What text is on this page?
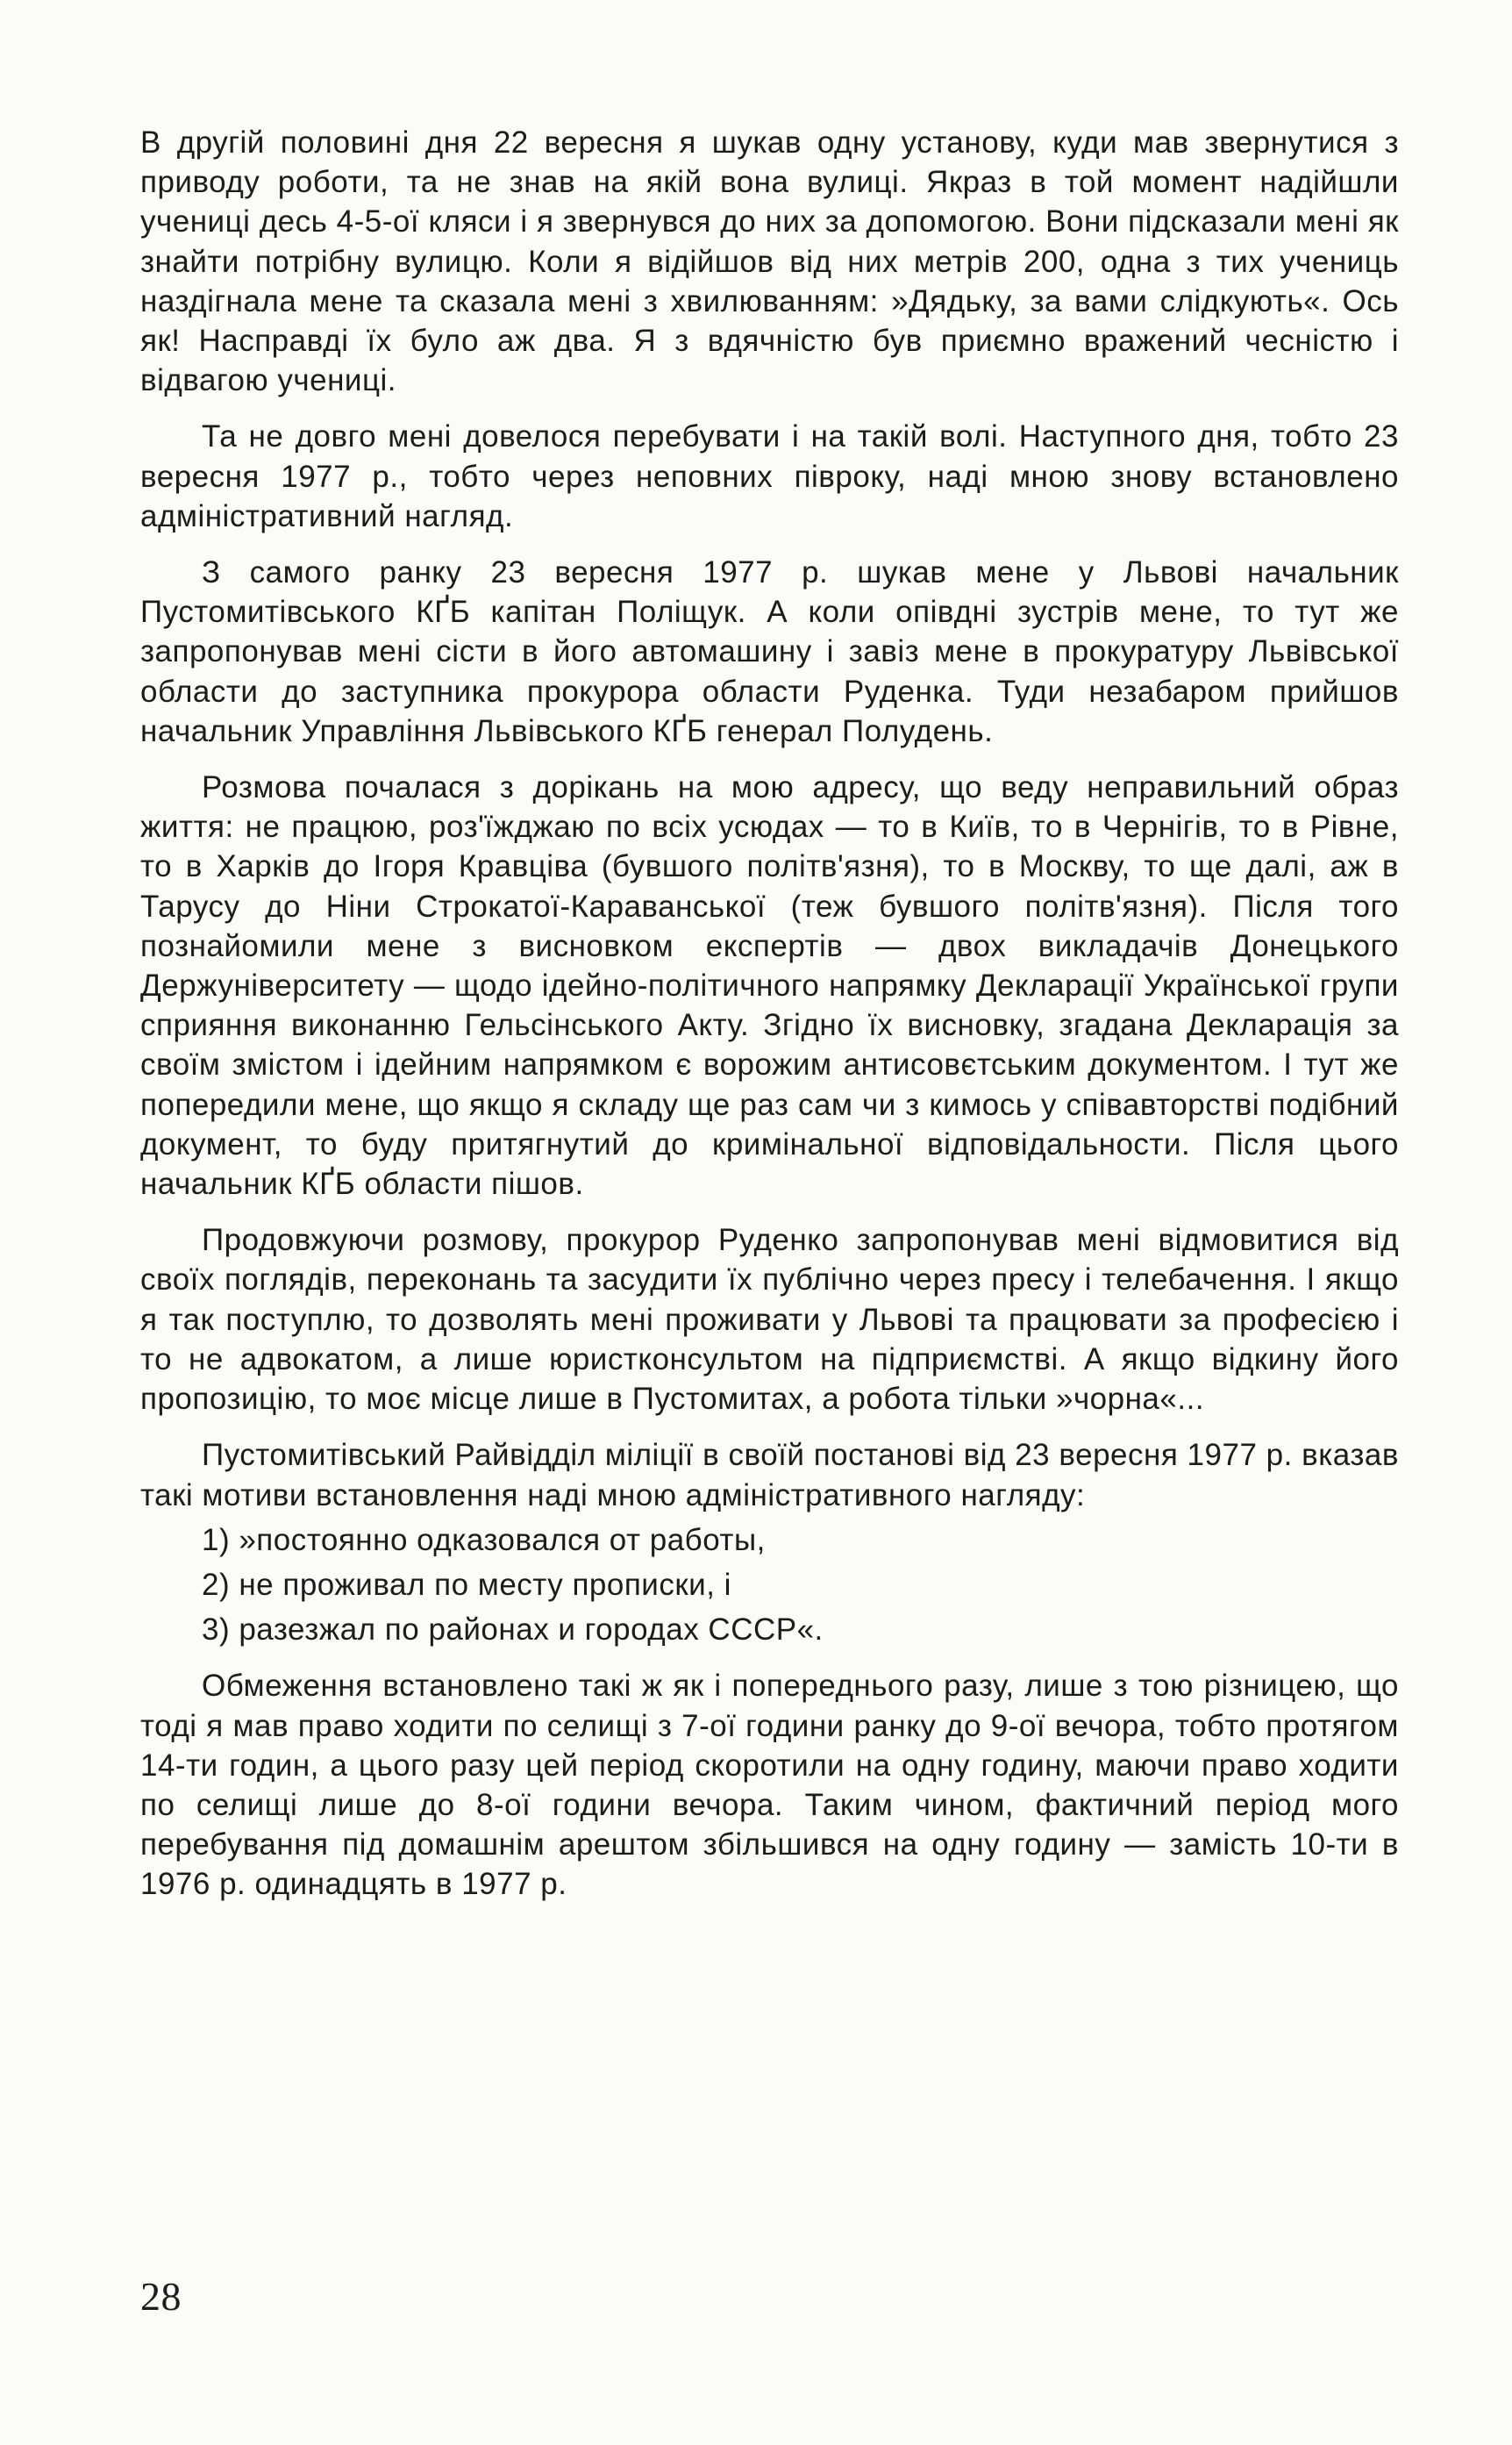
В другій половині дня 22 вересня я шукав одну установу, куди мав звернутися з приводу роботи, та не знав на якій вона вулиці. Якраз в той момент надійшли учениці десь 4-5-ої кляси і я звернувся до них за допомогою. Вони підсказали мені як знайти потрібну вулицю. Коли я відійшов від них метрів 200, одна з тих учениць наздігнала мене та сказала мені з хвилюванням: »Дядьку, за вами слідкують«. Ось як! Насправді їх було аж два. Я з вдячністю був приємно вражений чесністю і відвагою учениці.

Та не довго мені довелося перебувати і на такій волі. Наступного дня, тобто 23 вересня 1977 р., тобто через неповних півроку, наді мною знову встановлено адміністративний нагляд.

З самого ранку 23 вересня 1977 р. шукав мене у Львові начальник Пустомитівського КҐБ капітан Поліщук. А коли опівдні зустрів мене, то тут же запропонував мені сісти в його автомашину і завіз мене в прокуратуру Львівської области до заступника прокурора области Руденка. Туди незабаром прийшов начальник Управління Львівського КҐБ генерал Полудень.

Розмова почалася з дорікань на мою адресу, що веду неправильний образ життя: не працюю, роз'їжджаю по всіх усюдах — то в Київ, то в Чернігів, то в Рівне, то в Харків до Ігоря Кравціва (бувшого політв'язня), то в Москву, то ще далі, аж в Тарусу до Ніни Строкатої-Караванської (теж бувшого політв'язня). Після того познайомили мене з висновком експертів — двох викладачів Донецького Держуніверситету — щодо ідейно-політичного напрямку Декларації Української групи сприяння виконанню Гельсінського Акту. Згідно їх висновку, згадана Декларація за своїм змістом і ідейним напрямком є ворожим антисовєтським документом. І тут же попередили мене, що якщо я складу ще раз сам чи з кимось у співавторстві подібний документ, то буду притягнутий до кримінальної відповідальности. Після цього начальник КҐБ области пішов.

Продовжуючи розмову, прокурор Руденко запропонував мені відмовитися від своїх поглядів, переконань та засудити їх публічно через пресу і телебачення. І якщо я так поступлю, то дозволять мені проживати у Львові та працювати за професією і то не адвокатом, а лише юристконсультом на підприємстві. А якщо відкину його пропозицію, то моє місце лише в Пустомитах, а робота тільки »чорна«...

Пустомитівський Райвідділ міліції в своїй постанові від 23 вересня 1977 р. вказав такі мотиви встановлення наді мною адміністративного нагляду:

1) »постоянно одказовался от работы,
2) не проживал по месту прописки, і
3) разезжал по районах и городах СССР«.

Обмеження встановлено такі ж як і попереднього разу, лише з тою різницею, що тоді я мав право ходити по селищі з 7-ої години ранку до 9-ої вечора, тобто протягом 14-ти годин, а цього разу цей період скоротили на одну годину, маючи право ходити по селищі лише до 8-ої години вечора. Таким чином, фактичний період мого перебування під домашнім арештом збільшився на одну годину — замість 10-ти в 1976 р. одинадцять в 1977 р.

28
